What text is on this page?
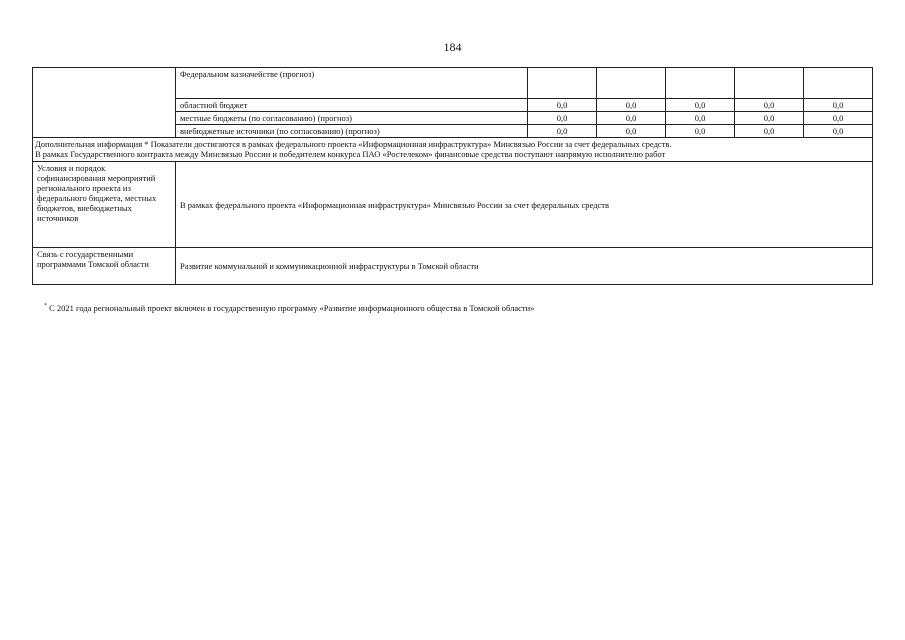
184
	Федеральном казначействе (прогноз)					
	областной бюджет	0,0	0,0	0,0	0,0	0,0
	местные бюджеты (по согласованию) (прогноз)	0,0	0,0	0,0	0,0	0,0
	внебюджетные источники (по согласованию) (прогноз)	0,0	0,0	0,0	0,0	0,0

Дополнительная информация * Показатели достигаются в рамках федерального проекта «Информационная инфраструктура» Минсвязью России за счет федеральных средств.
В рамках Государственного контракта между Минсвязью России и победителем конкурса ПАО «Ростелеком» финансовые средства поступают напрямую исполнителю работ						

Условия и порядок софинансирования мероприятий регионального проекта из федерального бюджета, местных бюджетов, внебюджетных источников	В рамках федерального проекта «Информационная инфраструктура» Минсвязью России за счет федеральных средств					
Связь с государственными программами Томской области	Развитие коммунальной и коммуникационной инфраструктуры в Томской области					
* С 2021 года региональный проект включен в государственную программу «Развитие информационного общества в Томской области»
